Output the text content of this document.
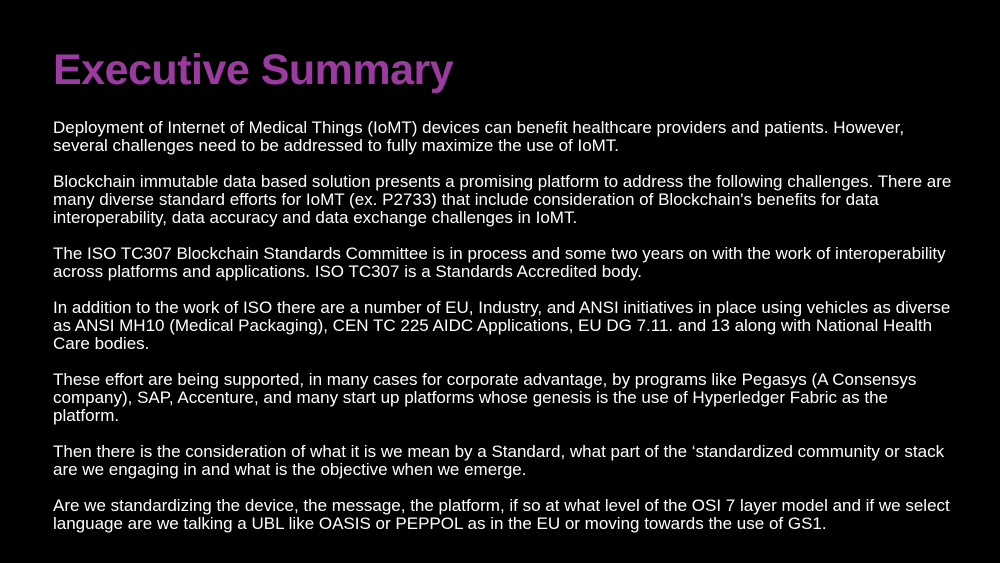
Executive Summary

Deployment of Internet of Medical Things (IoMT) devices can benefit healthcare providers and patients. However, several challenges need to be addressed to fully maximize the use of IoMT.

Blockchain immutable data based solution presents a promising platform to address the following challenges. There are many diverse standard efforts for IoMT (ex. P2733) that include consideration of Blockchain's benefits for data interoperability, data accuracy and data exchange challenges in IoMT.

The ISO TC307 Blockchain Standards Committee is in process and some two years on with the work of interoperability across platforms and applications. ISO TC307 is a Standards Accredited body.

In addition to the work of ISO there are a number of EU, Industry, and ANSI initiatives in place using vehicles as diverse as ANSI MH10 (Medical Packaging), CEN TC 225 AIDC Applications, EU DG 7.11. and 13 along with National Health Care bodies.

These effort are being supported, in many cases for corporate advantage, by programs like Pegasys (A Consensys company), SAP, Accenture, and many start up platforms whose genesis is the use of Hyperledger Fabric as the platform.

Then there is the consideration of what it is we mean by a Standard, what part of the ‘standardized community or stack are we engaging in and what is the objective when we emerge.

Are we standardizing the device, the message, the platform, if so at what level of the OSI 7 layer model and if we select language are we talking a UBL like OASIS or PEPPOL as in the EU or moving towards the use of GS1.
